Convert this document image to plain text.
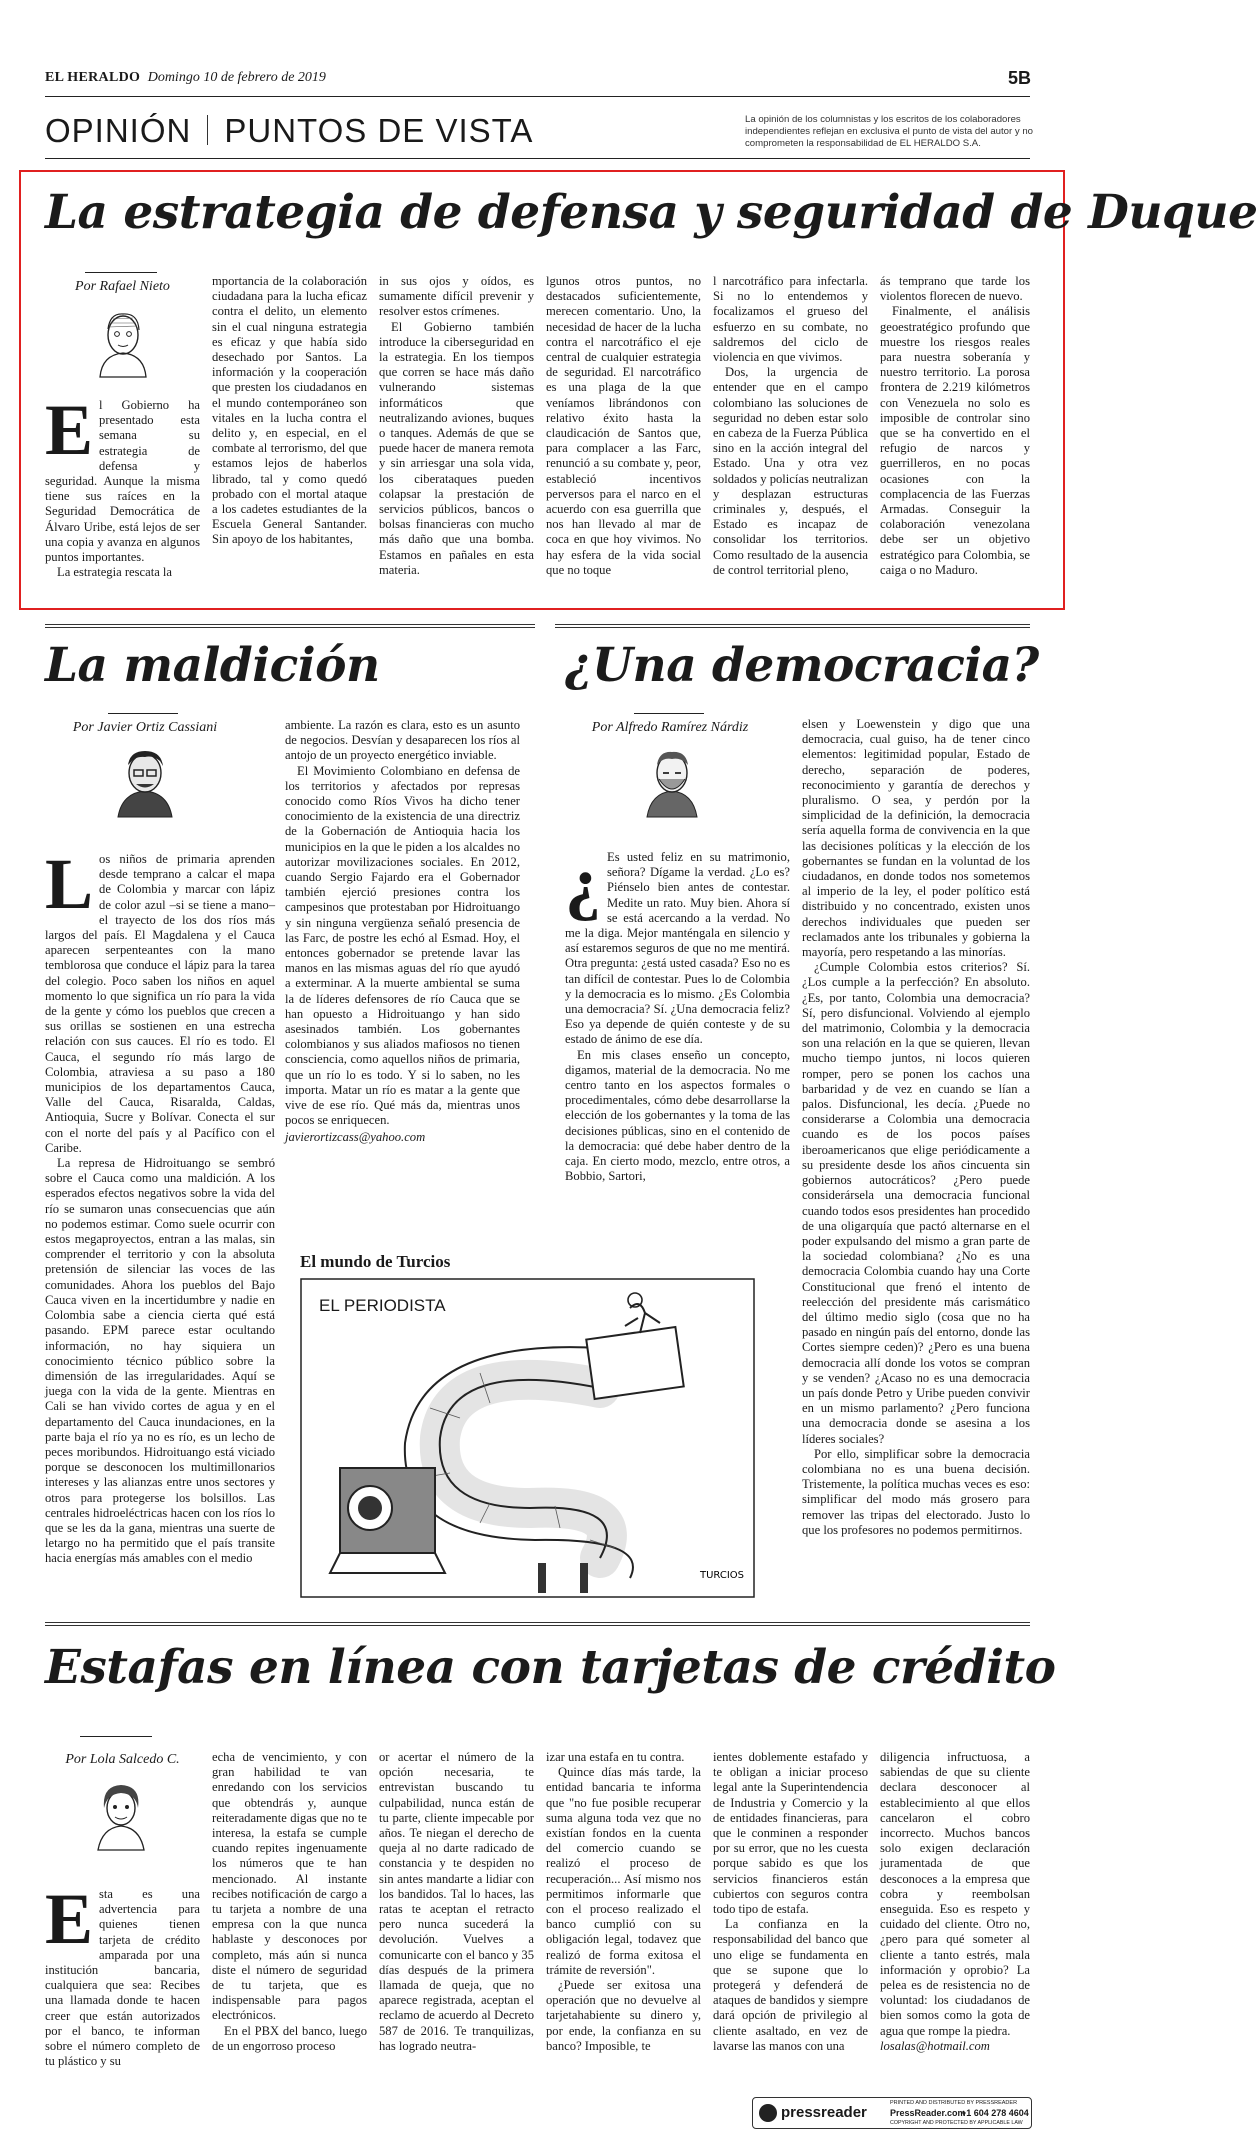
EL HERALDO Domingo 10 de febrero de 2019	5B
OPINIÓN PUNTOS DE VISTA	La opinión de los columnistas y los escritos de los colaboradores independientes reflejan en exclusiva el punto de vista del autor y no comprometen la responsabilidad de EL HERALDO S.A.
La estrategia de defensa y seguridad de Duque
Por Rafael Nieto
El Gobierno ha presentado esta semana su estrategia de defensa y seguridad. Aunque la misma tiene sus raíces en la Seguridad Democrática de Álvaro Uribe, está lejos de ser una copia y avanza en algunos puntos importantes.

La estrategia rescata la

mportancia de la colaboración ciudadana para la lucha eficaz contra el delito, un elemento sin el cual ninguna estrategia es eficaz y que había sido desechado por Santos. La información y la cooperación que presten los ciudadanos en el mundo contemporáneo son vitales en la lucha contra el delito y, en especial, en el combate al terrorismo, del que estamos lejos de haberlos librado, tal y como quedó probado con el mortal ataque a los cadetes estudiantes de la Escuela General Santander. Sin apoyo de los habitantes,
in sus ojos y oídos, es sumamente difícil prevenir y resolver estos crímenes.

El Gobierno también introduce la ciberseguridad en la estrategia. En los tiempos que corren se hace más daño vulnerando sistemas informáticos que neutralizando aviones, buques o tanques. Además de que se puede hacer de manera remota y sin arriesgar una sola vida, los ciberataques pueden colapsar la prestación de servicios públicos, bancos o bolsas financieras con mucho más daño que una bomba. Estamos en pañales en esta materia.

lgunos otros puntos, no destacados suficientemente, merecen comentario. Uno, la necesidad de hacer de la lucha contra el narcotráfico el eje central de cualquier estrategia de seguridad. El narcotráfico es una plaga de la que veníamos librándonos con relativo éxito hasta la claudicación de Santos que, para complacer a las Farc, renunció a su combate y, peor, estableció incentivos perversos para el narco en el acuerdo con esa guerrilla que nos han llevado al mar de coca en que hoy vivimos. No hay esfera de la vida social que no toque
l narcotráfico para infectarla. Si no lo entendemos y focalizamos el grueso del esfuerzo en su combate, no saldremos del ciclo de violencia en que vivimos.

Dos, la urgencia de entender que en el campo colombiano las soluciones de seguridad no deben estar solo en cabeza de la Fuerza Pública sino en la acción integral del Estado. Una y otra vez soldados y policías neutralizan y desplazan estructuras criminales y, después, el Estado es incapaz de consolidar los territorios. Como resultado de la ausencia de control territorial pleno,

ás temprano que tarde los violentos florecen de nuevo.

Finalmente, el análisis geoestratégico profundo que muestre los riesgos reales para nuestra soberanía y nuestro territorio. La porosa frontera de 2.219 kilómetros con Venezuela no solo es imposible de controlar sino que se ha convertido en el refugio de narcos y guerrilleros, en no pocas ocasiones con la complacencia de las Fuerzas Armadas. Conseguir la colaboración venezolana debe ser un objetivo estratégico para Colombia, se caiga o no Maduro.

La maldición
Por Javier Ortiz Cassiani
Los niños de primaria aprenden desde temprano a calcar el mapa de Colombia y marcar con lápiz de color azul –si se tiene a mano– el trayecto de los dos ríos más largos del país. El Magdalena y el Cauca aparecen serpenteantes con la mano temblorosa que conduce el lápiz para la tarea del colegio. Poco saben los niños en aquel momento lo que significa un río para la vida de la gente y cómo los pueblos que crecen a sus orillas se sostienen en una estrecha relación con sus cauces. El río es todo. El Cauca, el segundo río más largo de Colombia, atraviesa a su paso a 180 municipios de los departamentos Cauca, Valle del Cauca, Risaralda, Caldas, Antioquia, Sucre y Bolívar. Conecta el sur con el norte del país y al Pacífico con el Caribe.

La represa de Hidroituango se sembró sobre el Cauca como una maldición. A los esperados efectos negativos sobre la vida del río se sumaron unas consecuencias que aún no podemos estimar. Como suele ocurrir con estos megaproyectos, entran a las malas, sin comprender el territorio y con la absoluta pretensión de silenciar las voces de las comunidades. Ahora los pueblos del Bajo Cauca viven en la incertidumbre y nadie en Colombia sabe a ciencia cierta qué está pasando. EPM parece estar ocultando información, no hay siquiera un conocimiento técnico público sobre la dimensión de las irregularidades. Aquí se juega con la vida de la gente. Mientras en Cali se han vivido cortes de agua y en el departamento del Cauca inundaciones, en la parte baja el río ya no es río, es un lecho de peces moribundos. Hidroituango está viciado porque se desconocen los multimillonarios intereses y las alianzas entre unos sectores y otros para protegerse los bolsillos. Las centrales hidroeléctricas hacen con los ríos lo que se les da la gana, mientras una suerte de letargo no ha permitido que el país transite hacia energías más amables con el medio

ambiente. La razón es clara, esto es un asunto de negocios. Desvían y desaparecen los ríos al antojo de un proyecto energético inviable.

El Movimiento Colombiano en defensa de los territorios y afectados por represas conocido como Ríos Vivos ha dicho tener conocimiento de la existencia de una directriz de la Gobernación de Antioquia hacia los municipios en la que le piden a los alcaldes no autorizar movilizaciones sociales. En 2012, cuando Sergio Fajardo era el Gobernador también ejerció presiones contra los campesinos que protestaban por Hidroituango y sin ninguna vergüenza señaló presencia de las Farc, de postre les echó al Esmad. Hoy, el entonces gobernador se pretende lavar las manos en las mismas aguas del río que ayudó a exterminar. A la muerte ambiental se suma la de líderes defensores de río Cauca que se han opuesto a Hidroituango y han sido asesinados también. Los gobernantes colombianos y sus aliados mafiosos no tienen consciencia, como aquellos niños de primaria, que un río lo es todo. Y si lo saben, no les importa. Matar un río es matar a la gente que vive de ese río. Qué más da, mientras unos pocos se enriquecen.

javierortizcass@yahoo.com
El mundo de Turcios
TURCIOS
EL PERIODISTA
¿Una democracia?
Por Alfredo Ramírez Nárdiz
¿ Es usted feliz en su matrimonio, señora? Dígame la verdad. ¿Lo es? Piénselo bien antes de contestar. Medite un rato. Muy bien. Ahora sí se está acercando a la verdad. No me la diga. Mejor manténgala en silencio y así estaremos seguros de que no me mentirá. Otra pregunta: ¿está usted casada? Eso no es tan difícil de contestar. Pues lo de Colombia y la democracia es lo mismo. ¿Es Colombia una democracia? Sí. ¿Una democracia feliz? Eso ya depende de quién conteste y de su estado de ánimo de ese día.

En mis clases enseño un concepto, digamos, material de la democracia. No me centro tanto en los aspectos formales o procedimentales, cómo debe desarrollarse la elección de los gobernantes y la toma de las decisiones públicas, sino en el contenido de la democracia: qué debe haber dentro de la caja. En cierto modo, mezclo, entre otros, a Bobbio, Sartori,

elsen y Loewenstein y digo que una democracia, cual guiso, ha de tener cinco elementos: legitimidad popular, Estado de derecho, separación de poderes, reconocimiento y garantía de derechos y pluralismo. O sea, y perdón por la simplicidad de la definición, la democracia sería aquella forma de convivencia en la que las decisiones políticas y la elección de los gobernantes se fundan en la voluntad de los ciudadanos, en donde todos nos sometemos al imperio de la ley, el poder político está distribuido y no concentrado, existen unos derechos individuales que pueden ser reclamados ante los tribunales y gobierna la mayoría, pero respetando a las minorías.

¿Cumple Colombia estos criterios? Sí. ¿Los cumple a la perfección? En absoluto. ¿Es, por tanto, Colombia una democracia? Sí, pero disfuncional. Volviendo al ejemplo del matrimonio, Colombia y la democracia son una relación en la que se quieren, llevan mucho tiempo juntos, ni locos quieren romper, pero se ponen los cachos una barbaridad y de vez en cuando se lían a palos. Disfuncional, les decía. ¿Puede no considerarse a Colombia una democracia cuando es de los pocos países iberoamericanos que elige periódicamente a su presidente desde los años cincuenta sin gobiernos autocráticos? ¿Pero puede considerársela una democracia funcional cuando todos esos presidentes han procedido de una oligarquía que pactó alternarse en el poder expulsando del mismo a gran parte de la sociedad colombiana? ¿No es una democracia Colombia cuando hay una Corte Constitucional que frenó el intento de reelección del presidente más carismático del último medio siglo (cosa que no ha pasado en ningún país del entorno, donde las Cortes siempre ceden)? ¿Pero es una buena democracia allí donde los votos se compran y se venden? ¿Acaso no es una democracia un país donde Petro y Uribe pueden convivir en un mismo parlamento? ¿Pero funciona una democracia donde se asesina a los líderes sociales?

Por ello, simplificar sobre la democracia colombiana no es una buena decisión. Tristemente, la política muchas veces es eso: simplificar del modo más grosero para remover las tripas del electorado. Justo lo que los profesores no podemos permitirnos.

Estafas en línea con tarjetas de crédito
Por Lola Salcedo C.
Esta es una advertencia para quienes tienen tarjeta de crédito amparada por una institución bancaria, cualquiera que sea: Recibes una llamada donde te hacen creer que están autorizados por el banco, te informan sobre el número completo de tu plástico y su
echa de vencimiento, y con gran habilidad te van enredando con los servicios que obtendrás y, aunque reiteradamente digas que no te interesa, la estafa se cumple cuando repites ingenuamente los números que te han mencionado. Al instante recibes notificación de cargo a tu tarjeta a nombre de una empresa con la que nunca hablaste y desconoces por completo, más aún si nunca diste el número de seguridad de tu tarjeta, que es indispensable para pagos electrónicos.

En el PBX del banco, luego de un engorroso proceso

or acertar el número de la opción necesaria, te entrevistan buscando tu culpabilidad, nunca están de tu parte, cliente impecable por años. Te niegan el derecho de queja al no darte radicado de constancia y te despiden no sin antes mandarte a lidiar con los bandidos. Tal lo haces, las ratas te aceptan el retracto pero nunca sucederá la devolución. Vuelves a comunicarte con el banco y 35 días después de la primera llamada de queja, que no aparece registrada, aceptan el reclamo de acuerdo al Decreto 587 de 2016. Te tranquilizas, has logrado neutra-
izar una estafa en tu contra.

Quince días más tarde, la entidad bancaria te informa que "no fue posible recuperar suma alguna toda vez que no existían fondos en la cuenta del comercio cuando se realizó el proceso de recuperación... Así mismo nos permitimos informarle que con el proceso realizado el banco cumplió con su obligación legal, todavez que realizó de forma exitosa el trámite de reversión".

¿Puede ser exitosa una operación que no devuelve al tarjetahabiente su dinero y, por ende, la confianza en su banco? Imposible, te

ientes doblemente estafado y te obligan a iniciar proceso legal ante la Superintendencia de Industria y Comercio y la de entidades financieras, para que le conminen a responder por su error, que no les cuesta porque sabido es que los servicios financieros están cubiertos con seguros contra todo tipo de estafa.

La confianza en la responsabilidad del banco que uno elige se fundamenta en que se supone que lo protegerá y defenderá de ataques de bandidos y siempre dará opción de privilegio al cliente asaltado, en vez de lavarse las manos con una

diligencia infructuosa, a sabiendas de que su cliente declara desconocer al establecimiento al que ellos cancelaron el cobro incorrecto. Muchos bancos solo exigen declaración juramentada de que desconoces a la empresa que cobra y reembolsan enseguida. Eso es respeto y cuidado del cliente. Otro no, ¿pero para qué someter al cliente a tanto estrés, mala información y oprobio? La pelea es de resistencia no de voluntad: los ciudadanos de bien somos como la gota de agua que rompe la piedra.
losalas@hotmail.com
pressreader
PRINTED AND DISTRIBUTED BY PRESSREADER
PressReader.com
+1 604 278 4604
COPYRIGHT AND PROTECTED BY APPLICABLE LAW
